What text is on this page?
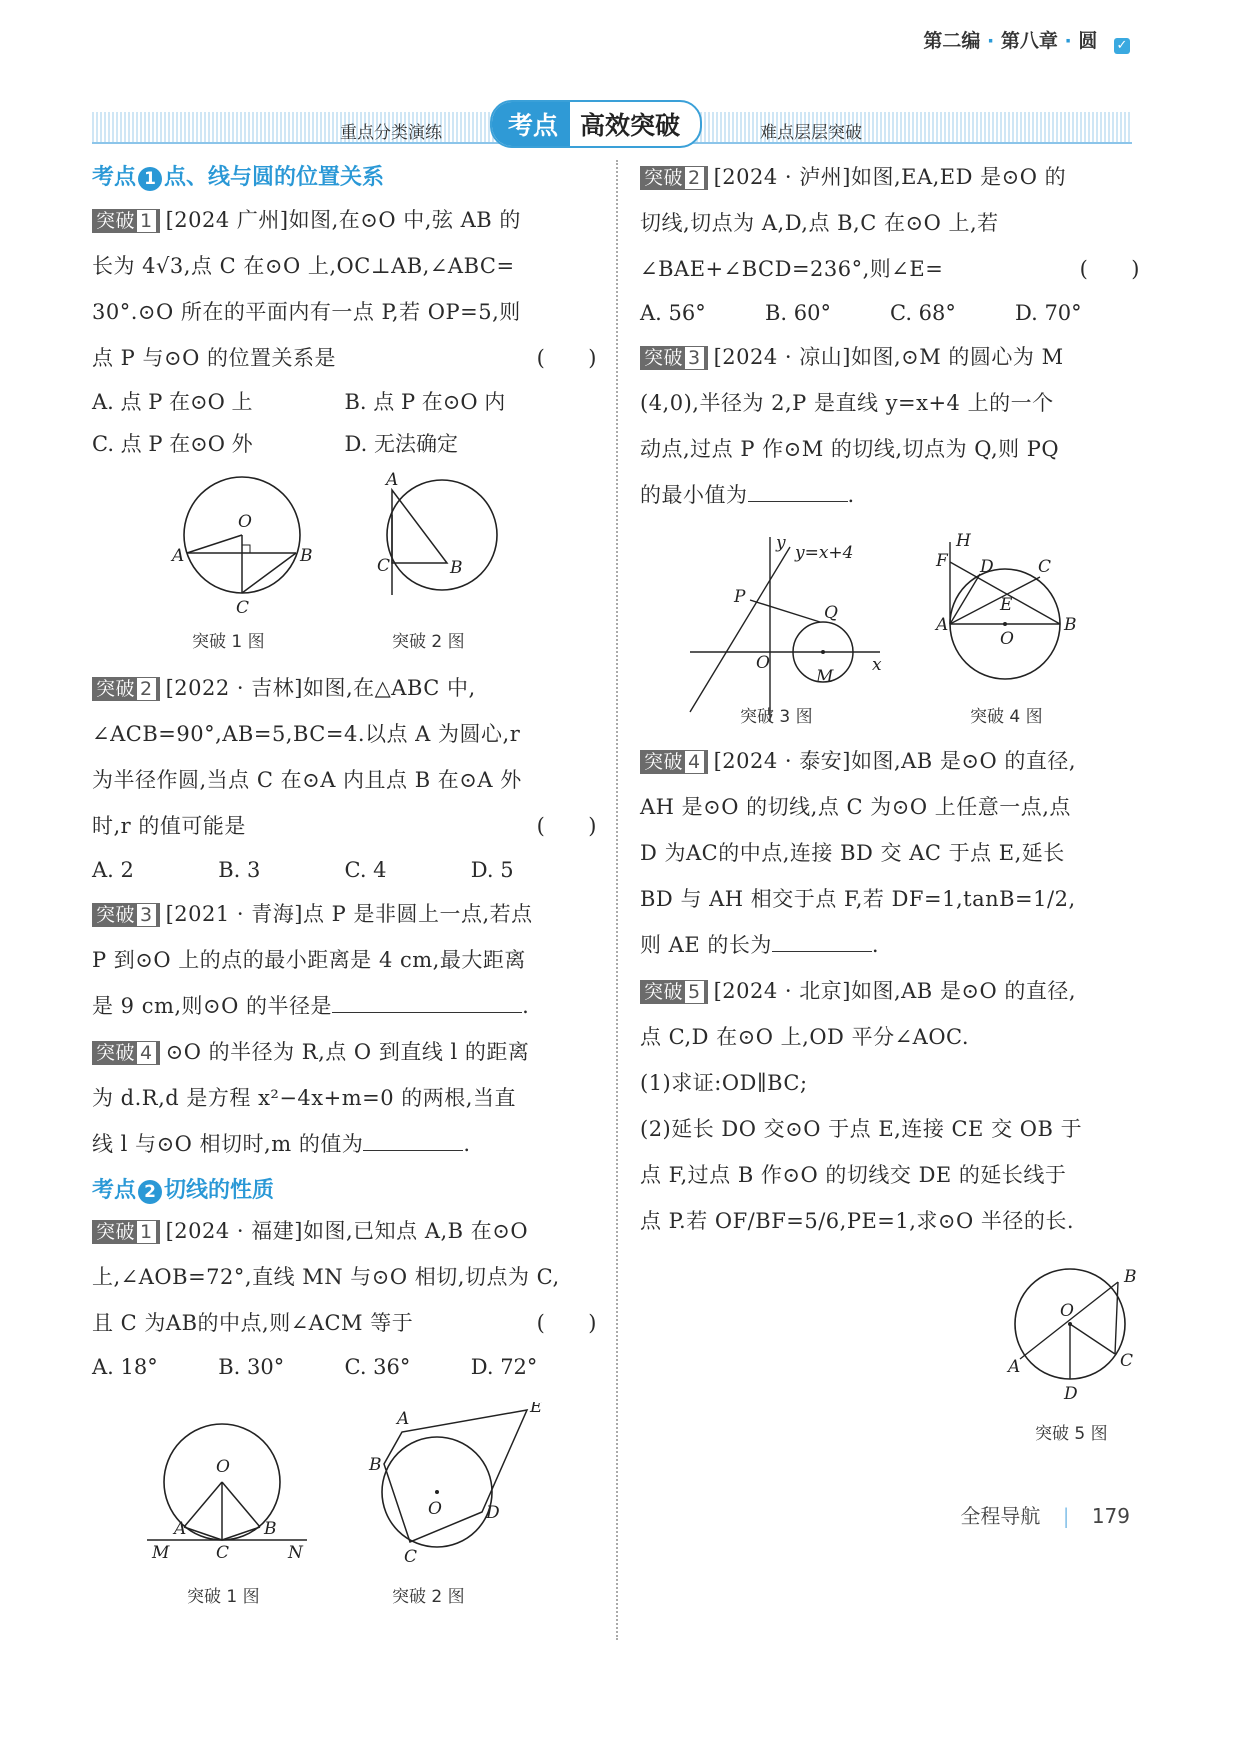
第二编 · 第八章 · 圆 ✓
重点分类演练	难点层层突破
考点 高效突破
考点 1 点、线与圆的位置关系
突破 1 [2024 广州]如图,在⊙O 中,弦 AB 的
长为 4√3,点 C 在⊙O 上,OC⊥AB,∠ABC=
30°.⊙O 所在的平面内有一点 P,若 OP=5,则
点 P 与⊙O 的位置关系是	(　　)
A. 点 P 在⊙O 上	B. 点 P 在⊙O 内
C. 点 P 在⊙O 外	D. 无法确定
O
A	B
C
A
C	B
突破 1 图	突破 2 图
突破 2 [2022 · 吉林]如图,在△ABC 中,
∠ACB=90°,AB=5,BC=4.以点 A 为圆心,r
为半径作圆,当点 C 在⊙A 内且点 B 在⊙A 外
时,r 的值可能是	(　　)
A. 2	B. 3	C. 4	D. 5
突破 3 [2021 · 青海]点 P 是非圆上一点,若点
P 到⊙O 上的点的最小距离是 4 cm,最大距离
是 9 cm,则⊙O 的半径是	.
突破 4 ⊙O 的半径为 R,点 O 到直线 l 的距离
为 d.R,d 是方程 x²−4x+m=0 的两根,当直
线 l 与⊙O 相切时,m 的值为	.
考点 2 切线的性质
突破 1 [2024 · 福建]如图,已知点 A,B 在⊙O
上,∠AOB=72°,直线 MN 与⊙O 相切,切点为 C,
且 C 为AB的中点,则∠ACM 等于	(　　)
A. 18°	B. 30°	C. 36°	D. 72°
O
A	B
M	C	N
A
E
B
O	D
C
突破 1 图	突破 2 图
突破 2 [2024 · 泸州]如图,EA,ED 是⊙O 的
切线,切点为 A,D,点 B,C 在⊙O 上,若
∠BAE+∠BCD=236°,则∠E=	(　　)
A. 56°	B. 60°	C. 68°	D. 70°
突破 3 [2024 · 凉山]如图,⊙M 的圆心为 M
(4,0),半径为 2,P 是直线 y=x+4 上的一个
动点,过点 P 作⊙M 的切线,切点为 Q,则 PQ
的最小值为	.
P
Q
y y=x+4
O
M
x
H
F D	C
E
A
O
B
突破 3 图	突破 4 图
突破 4 [2024 · 泰安]如图,AB 是⊙O 的直径,
AH 是⊙O 的切线,点 C 为⊙O 上任意一点,点
D 为AC的中点,连接 BD 交 AC 于点 E,延长
BD 与 AH 相交于点 F,若 DF=1,tanB=1/2,
则 AE 的长为	.
突破 5 [2024 · 北京]如图,AB 是⊙O 的直径,
点 C,D 在⊙O 上,OD 平分∠AOC.
(1)求证:OD∥BC;
(2)延长 DO 交⊙O 于点 E,连接 CE 交 OB 于
点 F,过点 B 作⊙O 的切线交 DE 的延长线于
点 P.若 OF/BF=5/6,PE=1,求⊙O 半径的长.
O
B
C
A
D
突破 5 图
全程导航 | 179
